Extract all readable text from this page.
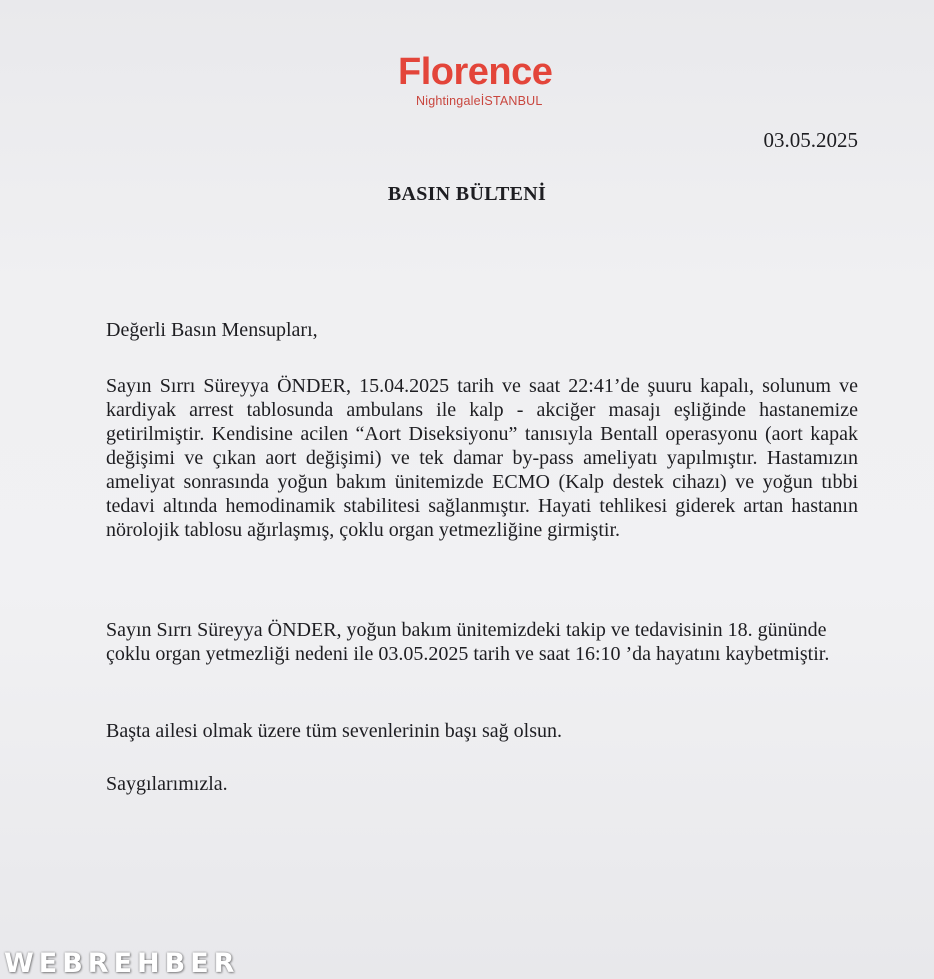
Florence
NightingaleİSTANBUL
03.05.2025
BASIN BÜLTENİ

Değerli Basın Mensupları,

Sayın Sırrı Süreyya ÖNDER, 15.04.2025 tarih ve saat 22:41’de şuuru kapalı, solunum ve kardiyak arrest tablosunda ambulans ile kalp - akciğer masajı eşliğinde hastanemize getirilmiştir. Kendisine acilen “Aort Diseksiyonu” tanısıyla Bentall operasyonu (aort kapak değişimi ve çıkan aort değişimi) ve tek damar by-pass ameliyatı yapılmıştır. Hastamızın ameliyat sonrasında yoğun bakım ünitemizde ECMO (Kalp destek cihazı) ve yoğun tıbbi tedavi altında hemodinamik stabilitesi sağlanmıştır. Hayati tehlikesi giderek artan hastanın nörolojik tablosu ağırlaşmış, çoklu organ yetmezliğine girmiştir.

Sayın Sırrı Süreyya ÖNDER, yoğun bakım ünitemizdeki takip ve tedavisinin 18. gününde çoklu organ yetmezliği nedeni ile 03.05.2025 tarih ve saat 16:10 ’da hayatını kaybetmiştir.

Başta ailesi olmak üzere tüm sevenlerinin başı sağ olsun.

Saygılarımızla.

WEBREHBER
